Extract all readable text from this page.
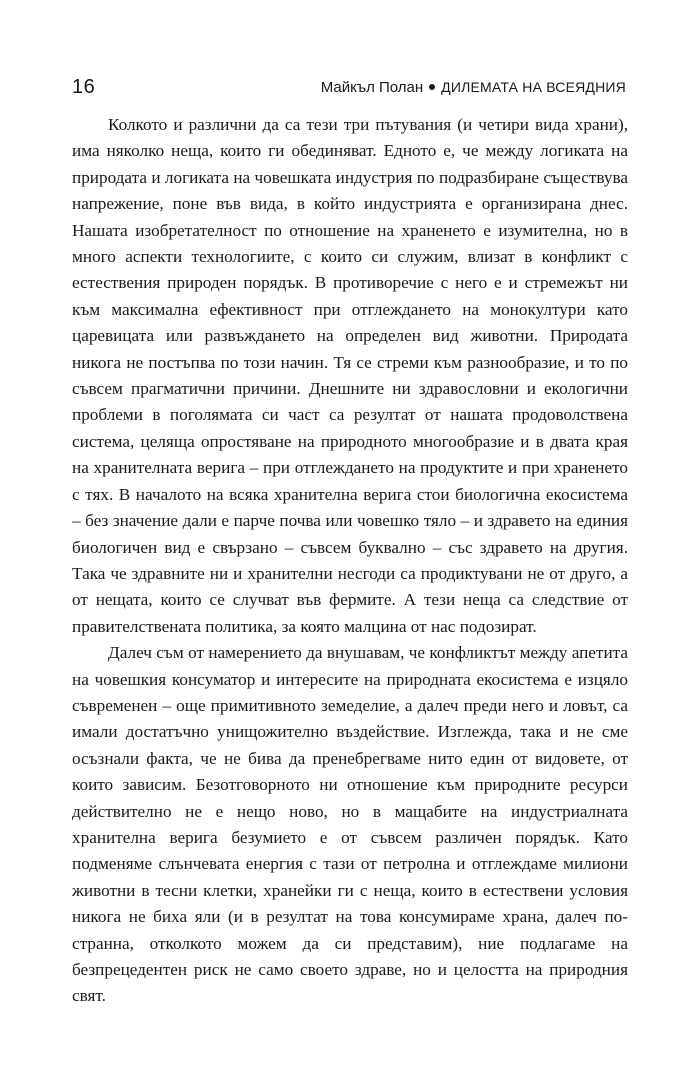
16	Майкъл Полан ДИЛЕМАТА НА ВСЕЯДНИЯ

Колкото и различни да са тези три пътувания (и четири вида храни), има няколко неща, които ги обединяват. Едното е, че между логиката на природата и логиката на човешката индустрия по подразбиране съществува напрежение, поне във вида, в който индустрията е организирана днес. Нашата изобретателност по отношение на храненето е изумителна, но в много аспекти технологиите, с които си служим, влизат в конфликт с естествения природен порядък. В противоречие с него е и стремежът ни към максимална ефективност при отглеждането на монокултури като царевицата или развъждането на определен вид животни. Природата никога не постъпва по този начин. Тя се стреми към разнообразие, и то по съвсем прагматични причини. Днешните ни здравословни и екологични проблеми в поголямата си част са резултат от нашата продоволствена система, целяща опростяване на природното многообразие и в двата края на хранителната верига – при отглеждането на продуктите и при храненето с тях. В началото на всяка хранителна верига стои биологична екосистема – без значение дали е парче почва или човешко тяло – и здравето на единия биологичен вид е свързано – съвсем буквално – със здравето на другия. Така че здравните ни и хранителни несгоди са продиктувани не от друго, а от нещата, които се случват във фермите. А тези неща са следствие от правителствената политика, за която малцина от нас подозират.

Далеч съм от намерението да внушавам, че конфликтът между апетита на човешкия консуматор и интересите на природната екосистема е изцяло съвременен – още примитивното земеделие, а далеч преди него и ловът, са имали достатъчно унищожително въздействие. Изглежда, така и не сме осъзнали факта, че не бива да пренебрегваме нито един от видовете, от които зависим. Безотговорното ни отношение към природните ресурси действително не е нещо ново, но в мащабите на индустриалната хранителна верига безумието е от съвсем различен порядък. Като подменяме слънчевата енергия с тази от петролна и отглеждаме милиони животни в тесни клетки, хранейки ги с неща, които в естествени условия никога не биха яли (и в резултат на това консумираме храна, далеч по-странна, отколкото можем да си представим), ние подлагаме на безпрецедентен риск не само своето здраве, но и целостта на природния свят.
